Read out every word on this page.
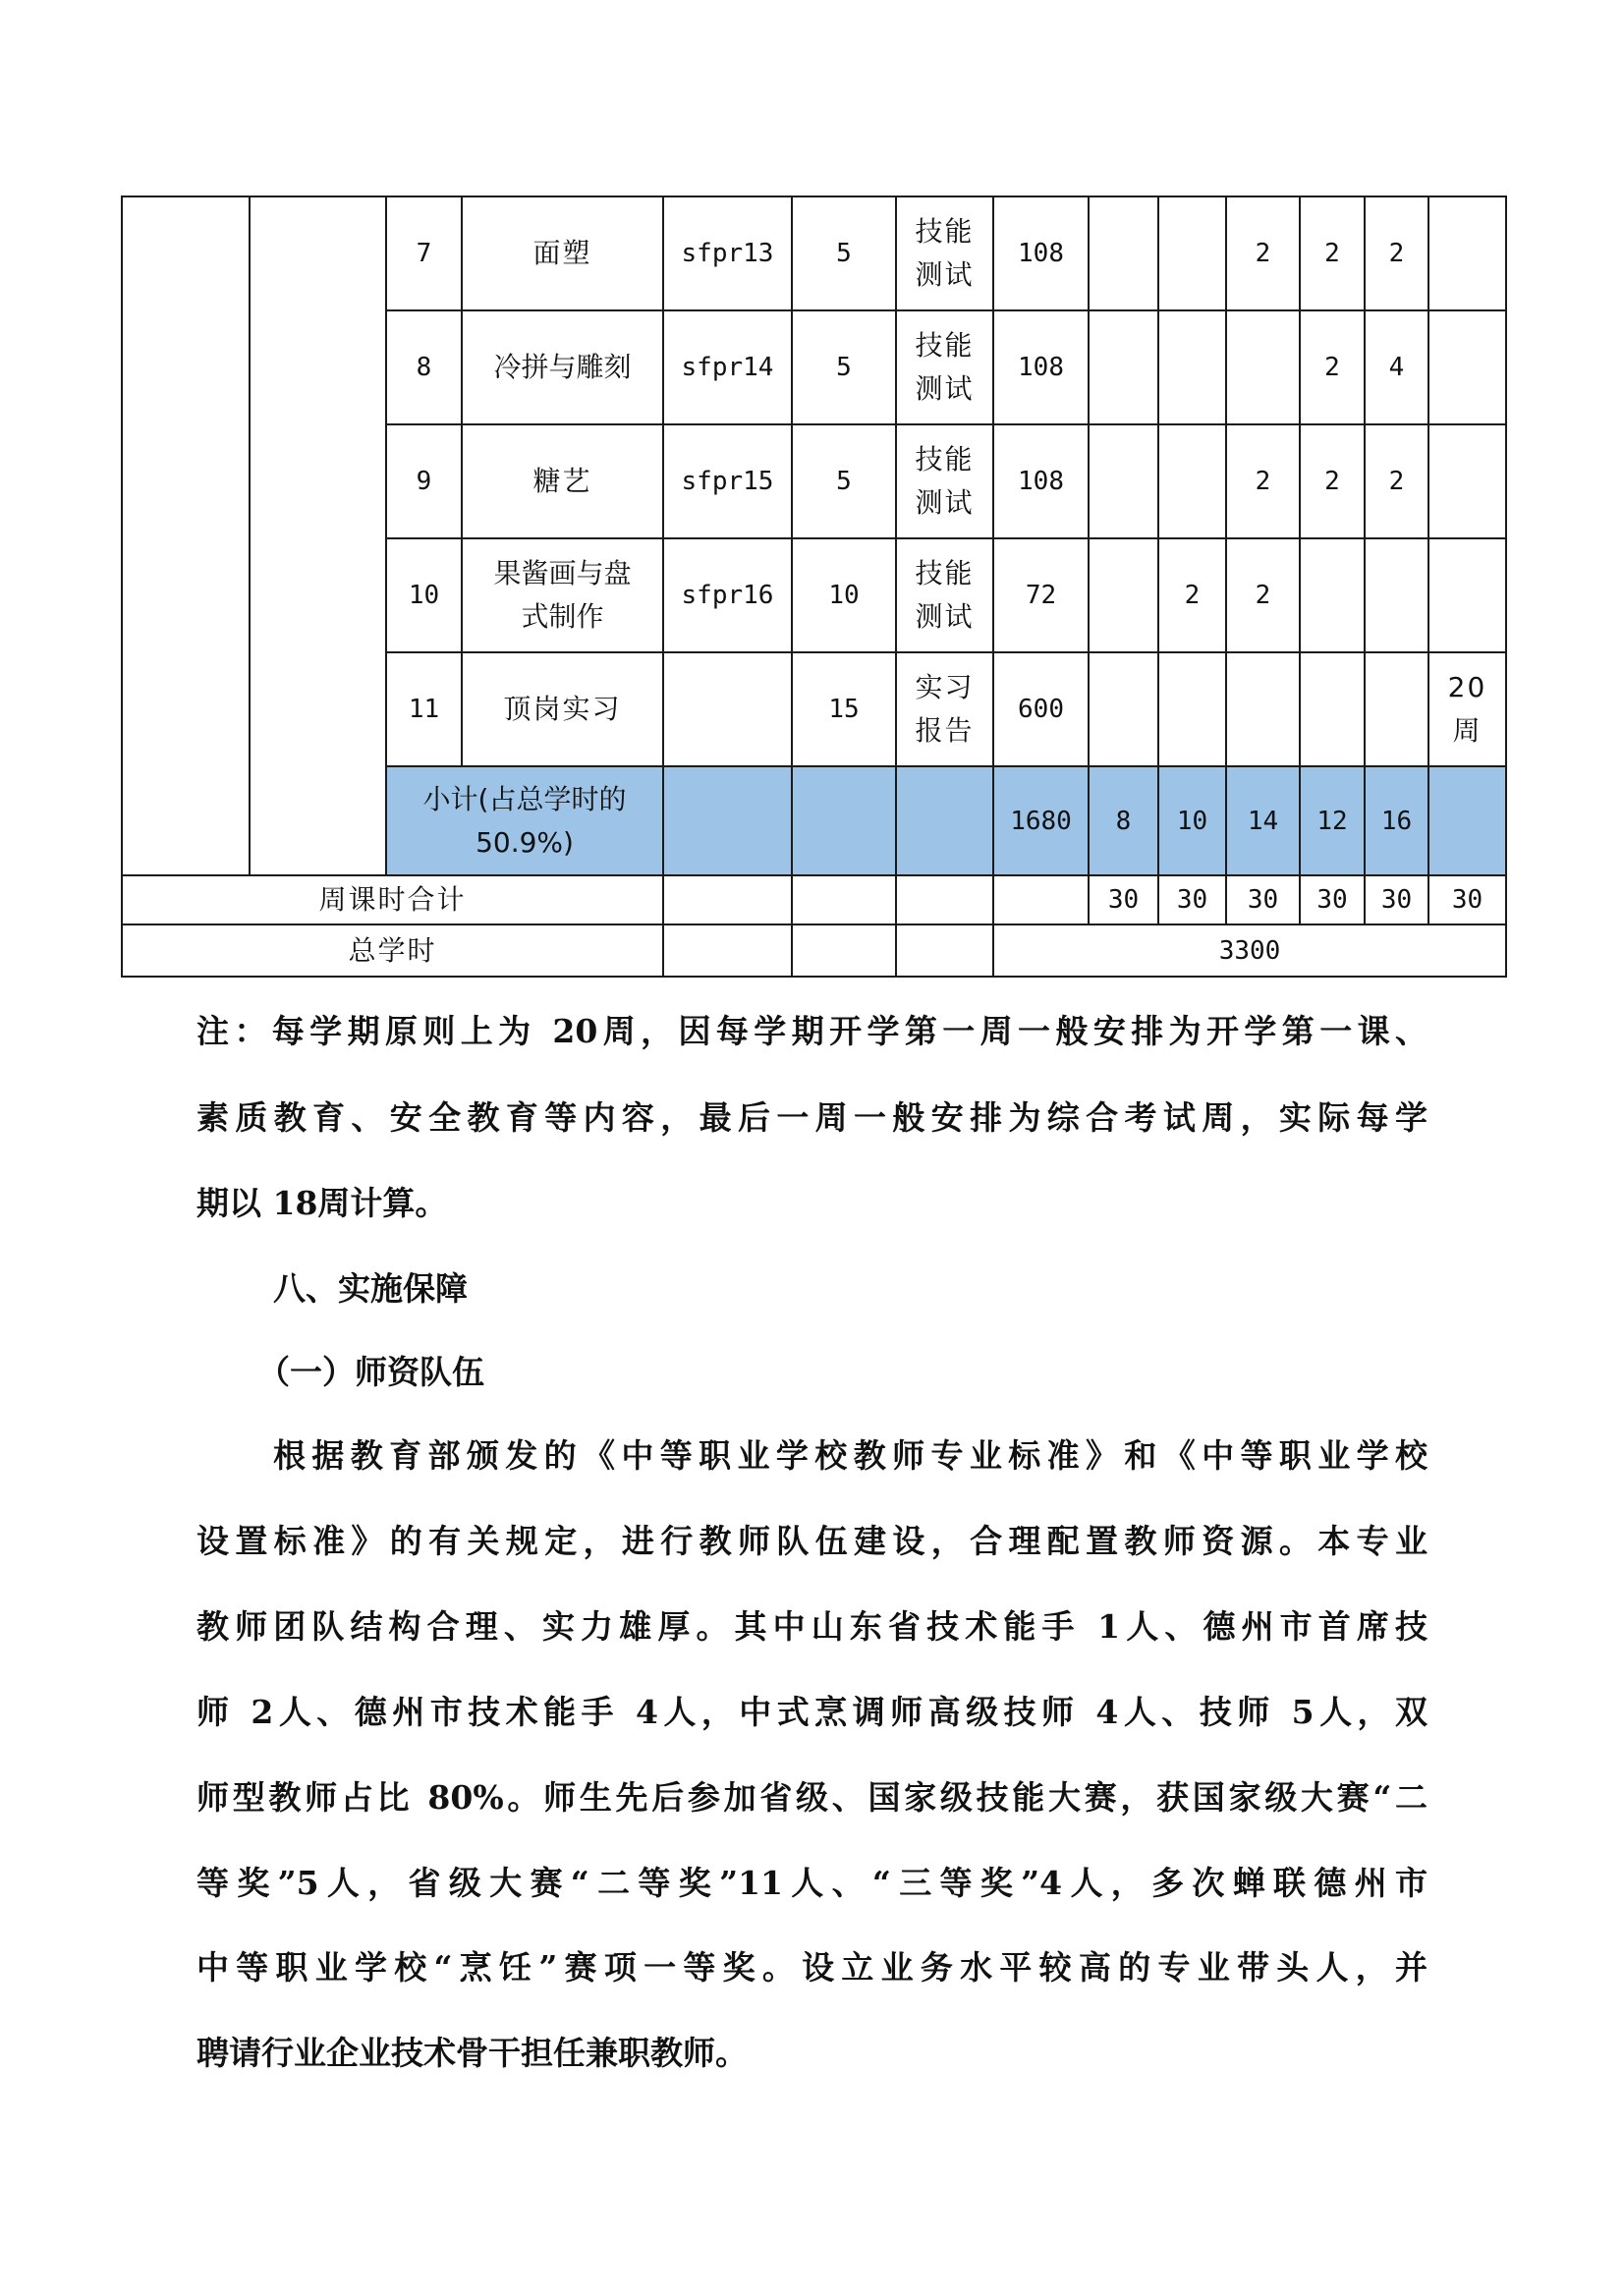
		7	面塑	sfpr13	5	技能
测试	108			2	2	2	
		8	冷拼与雕刻	sfpr14	5	技能
测试	108				2	4	
		9	糖艺	sfpr15	5	技能
测试	108			2	2	2	
		10	果酱画与盘
式制作	sfpr16	10	技能
测试	72		2	2			
		11	顶岗实习		15	实习
报告	600						20
周
		小计(占总学时的
50.9%)					1680	8	10	14	12	16	
周课时合计								30	30	30	30	30	30
总学时							3300						
注：每学期原则上为 20周，因每学期开学第一周一般安排为开学第一课、
素质教育、安全教育等内容，最后一周一般安排为综合考试周，实际每学
期以 18周计算。
八、实施保障
（一）师资队伍
根据教育部颁发的《中等职业学校教师专业标准》和《中等职业学校
设置标准》的有关规定，进行教师队伍建设，合理配置教师资源。本专业
教师团队结构合理、实力雄厚。其中山东省技术能手 1人、德州市首席技
师 2人、德州市技术能手 4人，中式烹调师高级技师 4人、技师 5人，双
师型教师占比 80%。师生先后参加省级、国家级技能大赛，获国家级大赛“二
等奖”5人，省级大赛“二等奖”11人、“三等奖”4人，多次蝉联德州市
中等职业学校“烹饪”赛项一等奖。设立业务水平较高的专业带头人，并
聘请行业企业技术骨干担任兼职教师。
